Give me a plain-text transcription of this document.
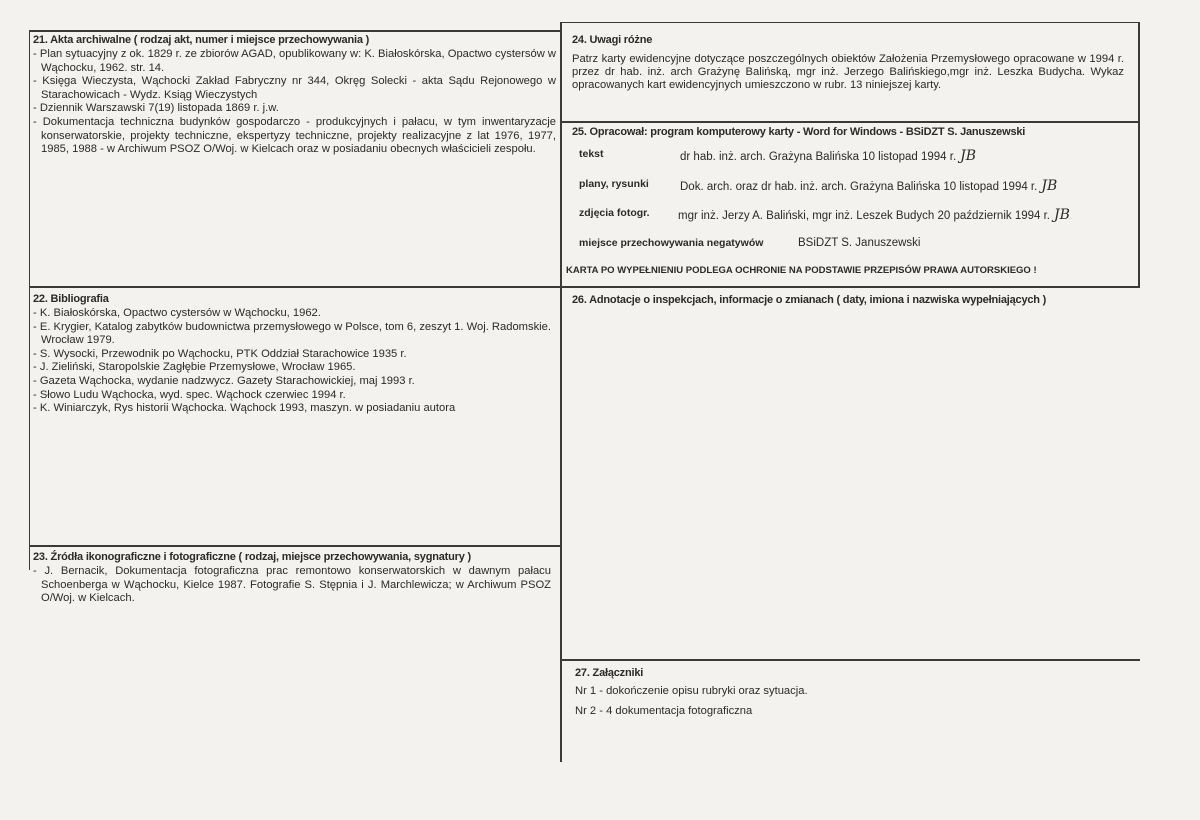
21. Akta archiwalne ( rodzaj akt, numer i miejsce przechowywania )
- Plan sytuacyjny z ok. 1829 r. ze zbiorów AGAD, opublikowany w: K. Białoskórska, Opactwo cystersów w Wąchocku, 1962. str. 14.
- Księga Wieczysta, Wąchocki Zakład Fabryczny nr 344, Okręg Solecki - akta Sądu Rejonowego w Starachowicach - Wydz. Ksiąg Wieczystych
- Dziennik Warszawski 7(19) listopada 1869 r. j.w.
- Dokumentacja techniczna budynków gospodarczo - produkcyjnych i pałacu, w tym inwentaryzacje konserwatorskie, projekty techniczne, ekspertyzy techniczne, projekty realizacyjne z lat 1976, 1977, 1985, 1988 - w Archiwum PSOZ O/Woj. w Kielcach oraz w posiadaniu obecnych właścicieli zespołu.
22. Bibliografia
- K. Białoskórska, Opactwo cystersów w Wąchocku, 1962.
- E. Krygier, Katalog zabytków budownictwa przemysłowego w Polsce, tom 6, zeszyt 1. Woj. Radomskie. Wrocław 1979.
- S. Wysocki, Przewodnik po Wąchocku, PTK Oddział Starachowice 1935 r.
- J. Zieliński, Staropolskie Zagłębie Przemysłowe, Wrocław 1965.
- Gazeta Wąchocka, wydanie nadzwycz. Gazety Starachowickiej, maj 1993 r.
- Słowo Ludu Wąchocka, wyd. spec. Wąchock czerwiec 1994 r.
- K. Winiarczyk, Rys historii Wąchocka. Wąchock 1993, maszyn. w posiadaniu autora
23. Źródła ikonograficzne i fotograficzne ( rodzaj, miejsce przechowywania, sygnatury )
- J. Bernacik, Dokumentacja fotograficzna prac remontowo konserwatorskich w dawnym pałacu Schoenberga w Wąchocku, Kielce 1987. Fotografie S. Stępnia i J. Marchlewicza; w Archiwum PSOZ O/Woj. w Kielcach.
24. Uwagi różne
Patrz karty ewidencyjne dotyczące poszczególnych obiektów Założenia Przemysłowego opracowane w 1994 r. przez dr hab. inż. arch Grażynę Balińską, mgr inż. Jerzego Balińskiego,mgr inż. Leszka Budycha. Wykaz opracowanych kart ewidencyjnych umieszczono w rubr. 13 niniejszej karty.
25. Opracował: program komputerowy karty - Word for Windows - BSiDZT S. Januszewski
tekst	dr hab. inż. arch. Grażyna Balińska 10 listopad 1994 r. JB
plany, rysunki	Dok. arch. oraz dr hab. inż. arch. Grażyna Balińska 10 listopad 1994 r. JB
zdjęcia fotogr. mgr inż. Jerzy A. Baliński, mgr inż. Leszek Budych 20 październik 1994 r. JB
miejsce przechowywania negatywów	BSiDZT S. Januszewski
KARTA PO WYPEŁNIENIU PODLEGA OCHRONIE NA PODSTAWIE PRZEPISÓW PRAWA AUTORSKIEGO !
26. Adnotacje o inspekcjach, informacje o zmianach ( daty, imiona i nazwiska wypełniających )
27. Załączniki
Nr 1 - dokończenie opisu rubryki oraz sytuacja.
Nr 2 - 4 dokumentacja fotograficzna
